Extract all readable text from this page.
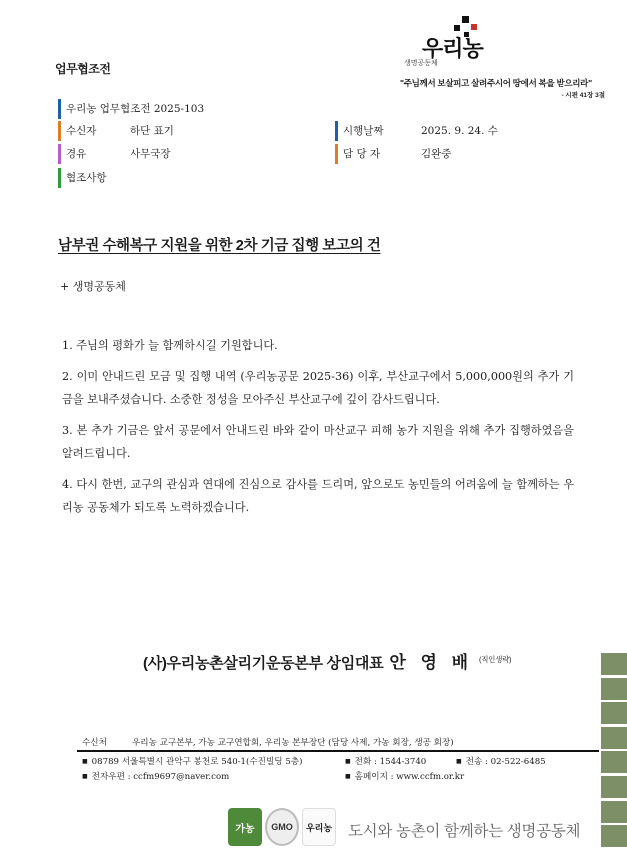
업무협조전
우리농
생명공동체
"주님께서 보살피고 살려주시어 땅에서 복을 받으리라"
- 시편 41장 3절
우리농 업무협조전 2025-103
수신자	하단 표기
경유	사무국장
협조사항
시행날짜	2025. 9. 24. 수
담 당 자	김완중
남부권 수해복구 지원을 위한 2차 기금 집행 보고의 건
+ 생명공동체

1. 주님의 평화가 늘 함께하시길 기원합니다.

2. 이미 안내드린 모금 및 집행 내역 (우리농공문 2025-36) 이후, 부산교구에서 5,000,000원의 추가 기금을 보내주셨습니다. 소중한 정성을 모아주신 부산교구에 깊이 감사드립니다.

3. 본 추가 기금은 앞서 공문에서 안내드린 바와 같이 마산교구 피해 농가 지원을 위해 추가 집행하였음을 알려드립니다.

4. 다시 한번, 교구의 관심과 연대에 진심으로 감사를 드리며, 앞으로도 농민들의 어려움에 늘 함께하는 우리농 공동체가 되도록 노력하겠습니다.

(사)우리농촌살리기운동본부 상임대표 안 영 배 $^{(직인생략)}$
수신처	우리농 교구본부, 가농 교구연합회, 우리농 본부장단 (담당 사제, 가농 회장, 생공 회장)
■ 08789 서울특별시 관악구 봉천로 540-1(수진빌딩 5층)	■ 전화 : 1544-3740	■ 전송 : 02-522-6485
■ 전자우편 : ccfm9697@naver.com	■ 홈페이지 : www.ccfm.or.kr
가농	GMO	우리농 도시와 농촌이 함께하는 생명공동체
